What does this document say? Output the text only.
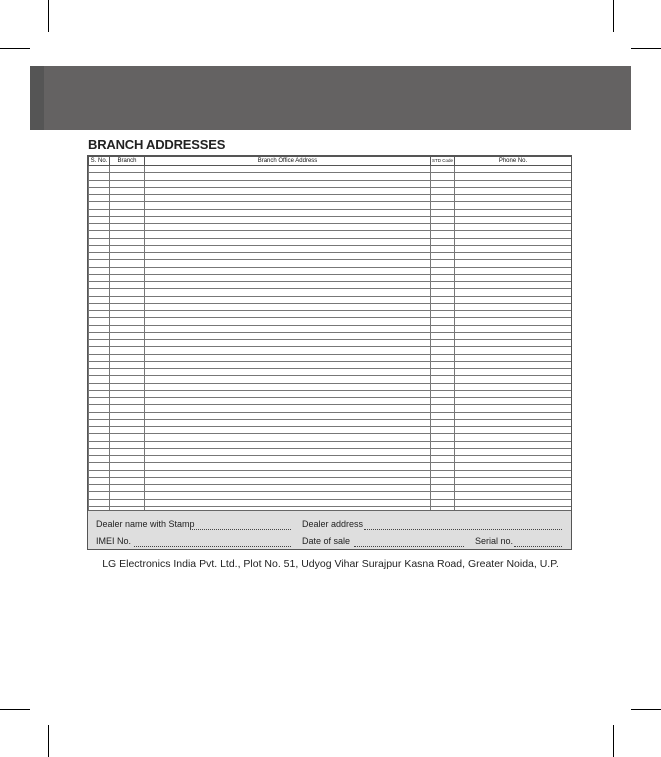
BRANCH ADDRESSES
S. No.	Branch	Branch Office Address	STD Code	Phone No.

Dealer name with Stamp	Dealer address
IMEI No.	Date of sale	Serial no.
LG Electronics India Pvt. Ltd., Plot No. 51, Udyog Vihar Surajpur Kasna Road, Greater Noida, U.P.
